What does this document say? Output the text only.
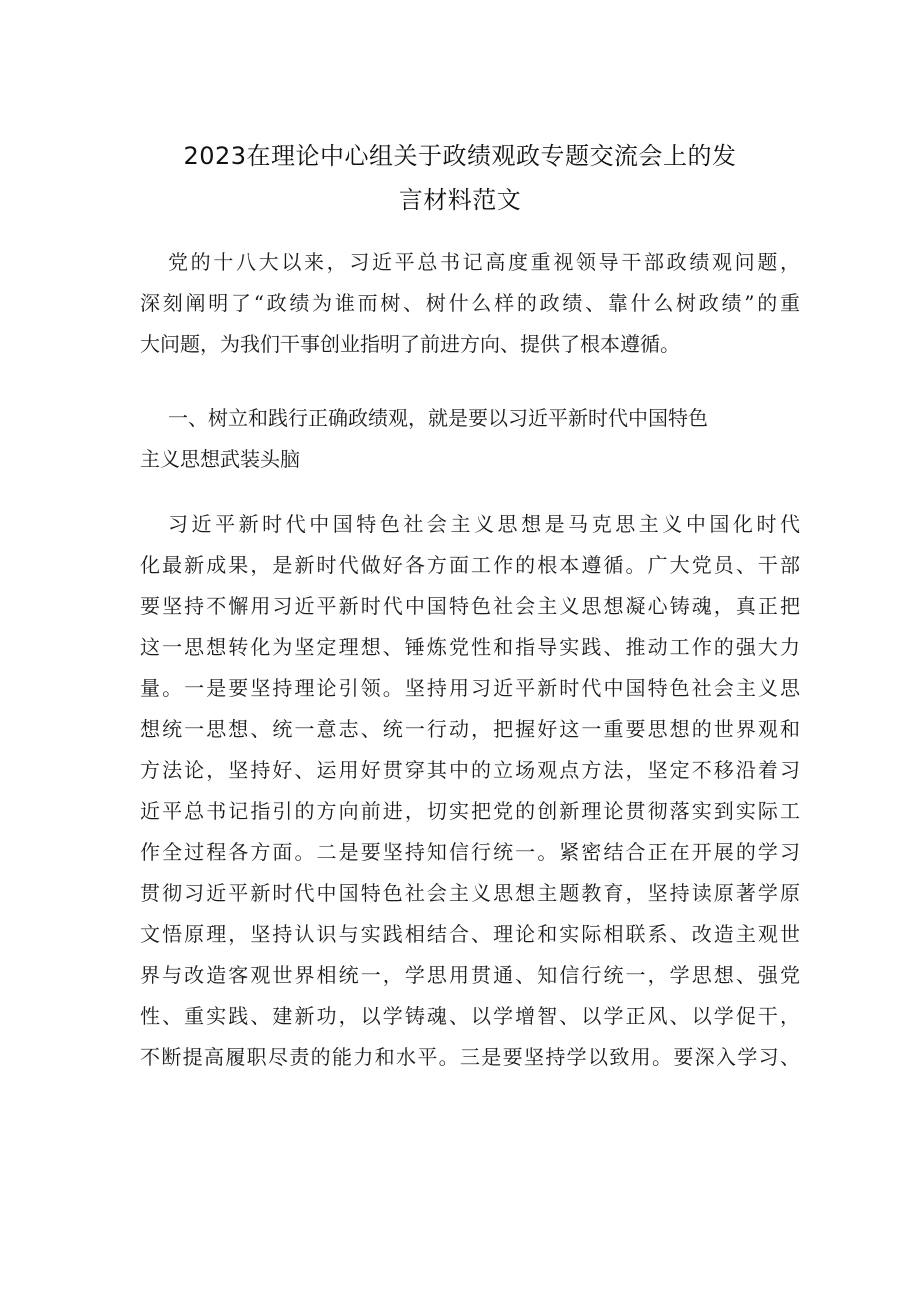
2023在理论中心组关于政绩观政专题交流会上的发
言材料范文
党的十八大以来，习近平总书记高度重视领导干部政绩观问题，
深刻阐明了“政绩为谁而树、树什么样的政绩、靠什么树政绩”的重
大问题，为我们干事创业指明了前进方向、提供了根本遵循。
一、树立和践行正确政绩观，就是要以习近平新时代中国特色
主义思想武装头脑
习近平新时代中国特色社会主义思想是马克思主义中国化时代
化最新成果，是新时代做好各方面工作的根本遵循。广大党员、干部
要坚持不懈用习近平新时代中国特色社会主义思想凝心铸魂，真正把
这一思想转化为坚定理想、锤炼党性和指导实践、推动工作的强大力
量。一是要坚持理论引领。坚持用习近平新时代中国特色社会主义思
想统一思想、统一意志、统一行动，把握好这一重要思想的世界观和
方法论，坚持好、运用好贯穿其中的立场观点方法，坚定不移沿着习
近平总书记指引的方向前进，切实把党的创新理论贯彻落实到实际工
作全过程各方面。二是要坚持知信行统一。紧密结合正在开展的学习
贯彻习近平新时代中国特色社会主义思想主题教育，坚持读原著学原
文悟原理，坚持认识与实践相结合、理论和实际相联系、改造主观世
界与改造客观世界相统一，学思用贯通、知信行统一，学思想、强党
性、重实践、建新功，以学铸魂、以学增智、以学正风、以学促干，
不断提高履职尽责的能力和水平。三是要坚持学以致用。要深入学习、
